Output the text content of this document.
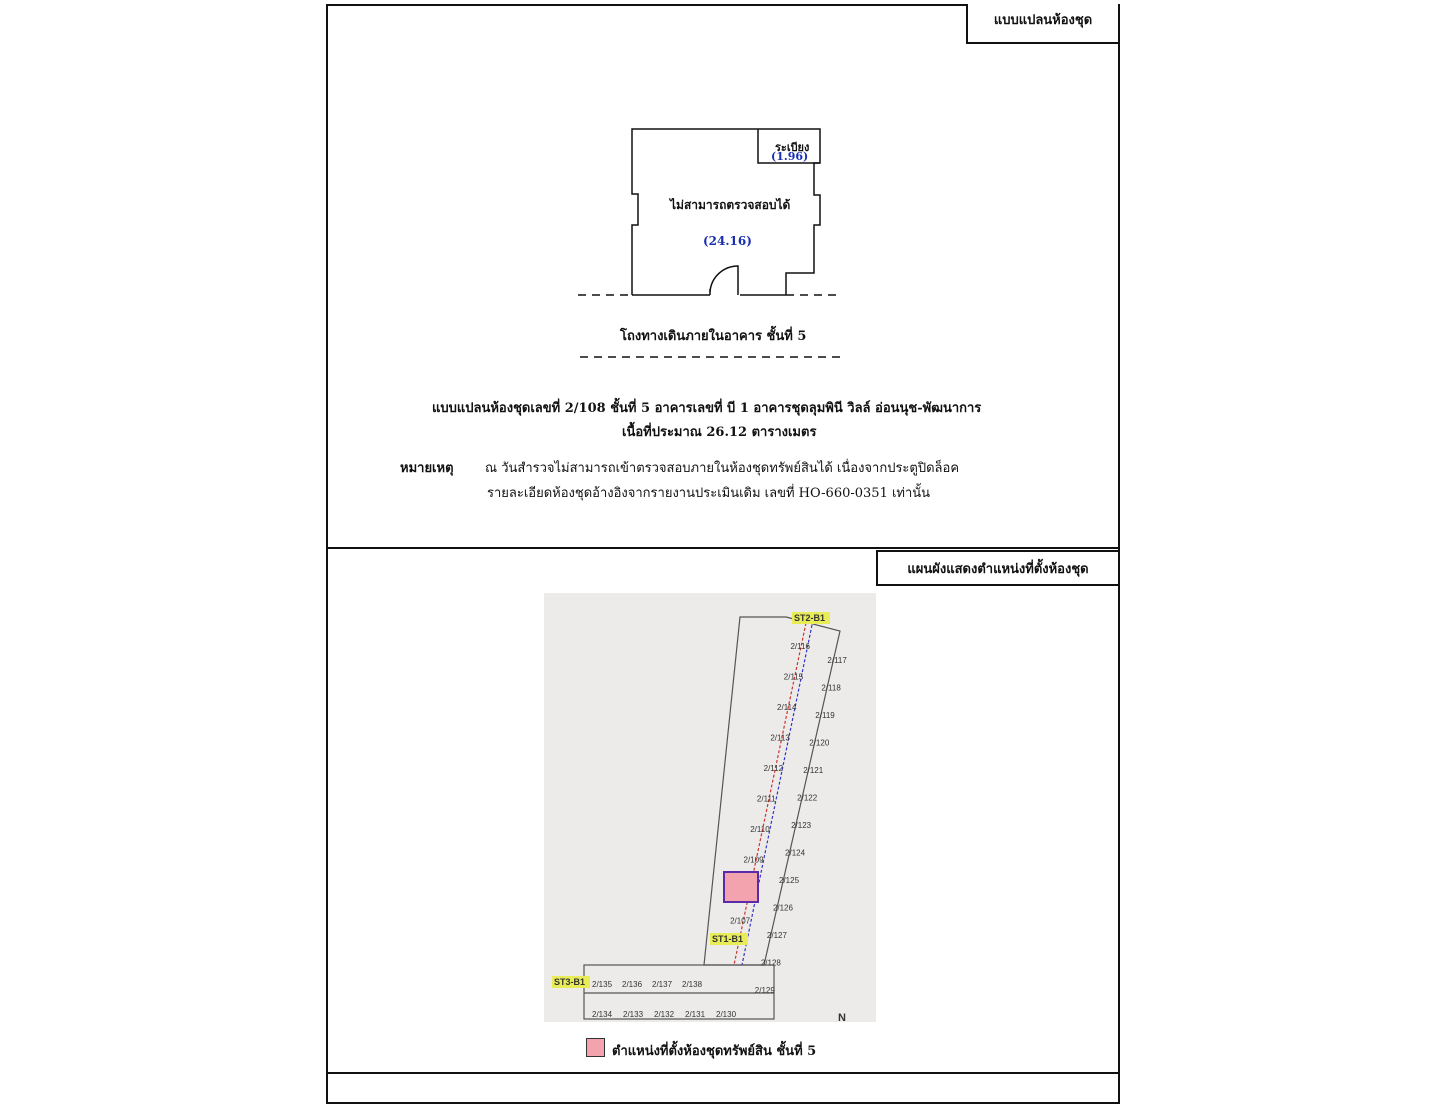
แบบแปลนห้องชุด
แผนผังแสดงตำแหน่งที่ตั้งห้องชุด
ระเบียง
(1.96)
ไม่สามารถตรวจสอบได้
(24.16)
โถงทางเดินภายในอาคาร ชั้นที่ 5
แบบแปลนห้องชุดเลขที่ 2/108 ชั้นที่ 5 อาคารเลขที่ บี 1 อาคารชุดลุมพินี วิลล์ อ่อนนุช-พัฒนาการ
เนื้อที่ประมาณ 26.12 ตารางเมตร
หมายเหตุ ณ วันสำรวจไม่สามารถเข้าตรวจสอบภายในห้องชุดทรัพย์สินได้ เนื่องจากประตูปิดล็อค
รายละเอียดห้องชุดอ้างอิงจากรายงานประเมินเดิม เลขที่ HO-660-0351 เท่านั้น
2/117
2/118
2/119
2/120
2/121
2/122
2/123
2/124
2/125
2/126
2/127
2/128
2/129
2/116
2/115
2/114
2/113
2/112
2/111
2/110
2/109
2/107
2/135 2/136 2/137 2/138
2/134 2/133 2/132 2/131 2/130
ST2-B1
ST1-B1
ST3-B1
N
ตำแหน่งที่ตั้งห้องชุดทรัพย์สิน ชั้นที่ 5
